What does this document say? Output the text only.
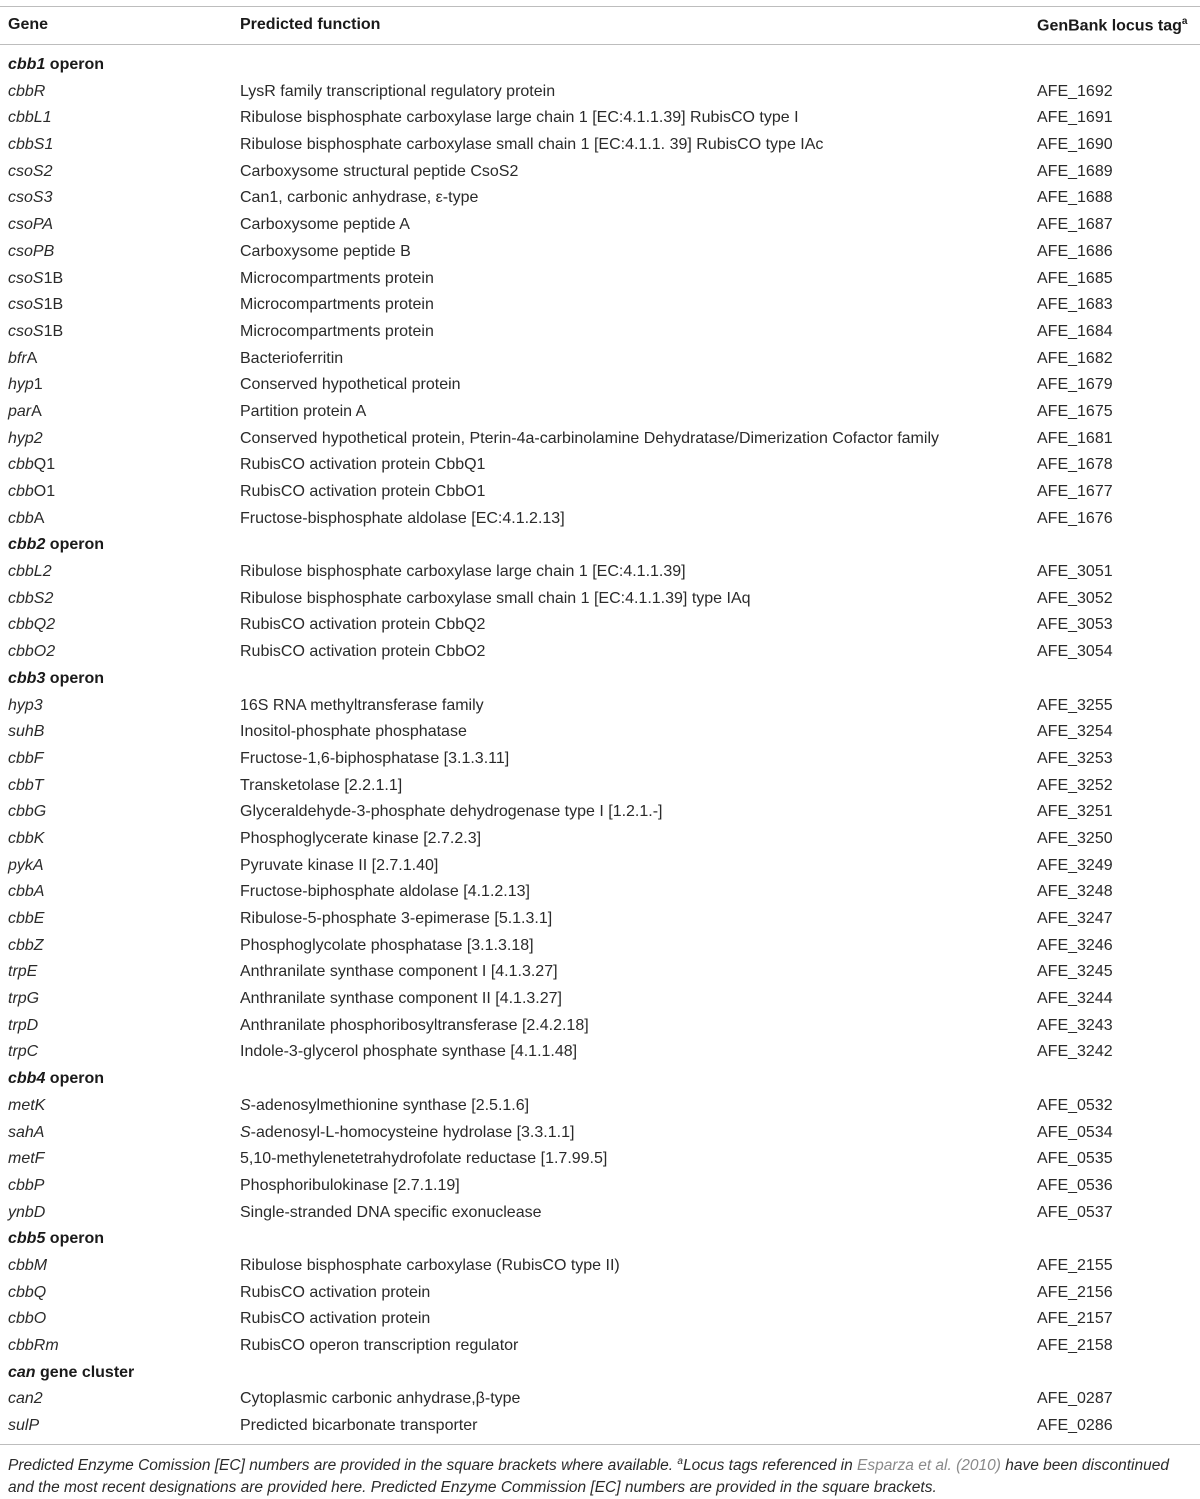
Gene	Predicted function	GenBank locus tag$^a$
cbb1 operon
cbbR	LysR family transcriptional regulatory protein	AFE_1692
cbbL1	Ribulose bisphosphate carboxylase large chain 1 [EC:4.1.1.39] RubisCO type I	AFE_1691
cbbS1	Ribulose bisphosphate carboxylase small chain 1 [EC:4.1.1. 39] RubisCO type IAc	AFE_1690
csoS2	Carboxysome structural peptide CsoS2	AFE_1689
csoS3	Can1, carbonic anhydrase, ε-type	AFE_1688
csoPA	Carboxysome peptide A	AFE_1687
csoPB	Carboxysome peptide B	AFE_1686
csoS1B	Microcompartments protein	AFE_1685
csoS1B	Microcompartments protein	AFE_1683
csoS1B	Microcompartments protein	AFE_1684
bfrA	Bacterioferritin	AFE_1682
hyp1	Conserved hypothetical protein	AFE_1679
parA	Partition protein A	AFE_1675
hyp2	Conserved hypothetical protein, Pterin-4a-carbinolamine Dehydratase/Dimerization Cofactor family	AFE_1681
cbbQ1	RubisCO activation protein CbbQ1	AFE_1678
cbbO1	RubisCO activation protein CbbO1	AFE_1677
cbbA	Fructose-bisphosphate aldolase [EC:4.1.2.13]	AFE_1676
cbb2 operon
cbbL2	Ribulose bisphosphate carboxylase large chain 1 [EC:4.1.1.39]	AFE_3051
cbbS2	Ribulose bisphosphate carboxylase small chain 1 [EC:4.1.1.39] type IAq	AFE_3052
cbbQ2	RubisCO activation protein CbbQ2	AFE_3053
cbbO2	RubisCO activation protein CbbO2	AFE_3054
cbb3 operon
hyp3	16S RNA methyltransferase family	AFE_3255
suhB	Inositol-phosphate phosphatase	AFE_3254
cbbF	Fructose-1,6-biphosphatase [3.1.3.11]	AFE_3253
cbbT	Transketolase [2.2.1.1]	AFE_3252
cbbG	Glyceraldehyde-3-phosphate dehydrogenase type I [1.2.1.-]	AFE_3251
cbbK	Phosphoglycerate kinase [2.7.2.3]	AFE_3250
pykA	Pyruvate kinase II [2.7.1.40]	AFE_3249
cbbA	Fructose-biphosphate aldolase [4.1.2.13]	AFE_3248
cbbE	Ribulose-5-phosphate 3-epimerase [5.1.3.1]	AFE_3247
cbbZ	Phosphoglycolate phosphatase [3.1.3.18]	AFE_3246
trpE	Anthranilate synthase component I [4.1.3.27]	AFE_3245
trpG	Anthranilate synthase component II [4.1.3.27]	AFE_3244
trpD	Anthranilate phosphoribosyltransferase [2.4.2.18]	AFE_3243
trpC	Indole-3-glycerol phosphate synthase [4.1.1.48]	AFE_3242
cbb4 operon
metK	S-adenosylmethionine synthase [2.5.1.6]	AFE_0532
sahA	S-adenosyl-L-homocysteine hydrolase [3.3.1.1]	AFE_0534
metF	5,10-methylenetetrahydrofolate reductase [1.7.99.5]	AFE_0535
cbbP	Phosphoribulokinase [2.7.1.19]	AFE_0536
ynbD	Single-stranded DNA specific exonuclease	AFE_0537
cbb5 operon
cbbM	Ribulose bisphosphate carboxylase (RubisCO type II)	AFE_2155
cbbQ	RubisCO activation protein	AFE_2156
cbbO	RubisCO activation protein	AFE_2157
cbbRm	RubisCO operon transcription regulator	AFE_2158
can gene cluster
can2	Cytoplasmic carbonic anhydrase,β-type	AFE_0287
sulP	Predicted bicarbonate transporter	AFE_0286
Predicted Enzyme Comission [EC] numbers are provided in the square brackets where available. $^a$Locus tags referenced in Esparza et al. (2010) have been discontinued and the most recent designations are provided here. Predicted Enzyme Commission [EC] numbers are provided in the square brackets.
